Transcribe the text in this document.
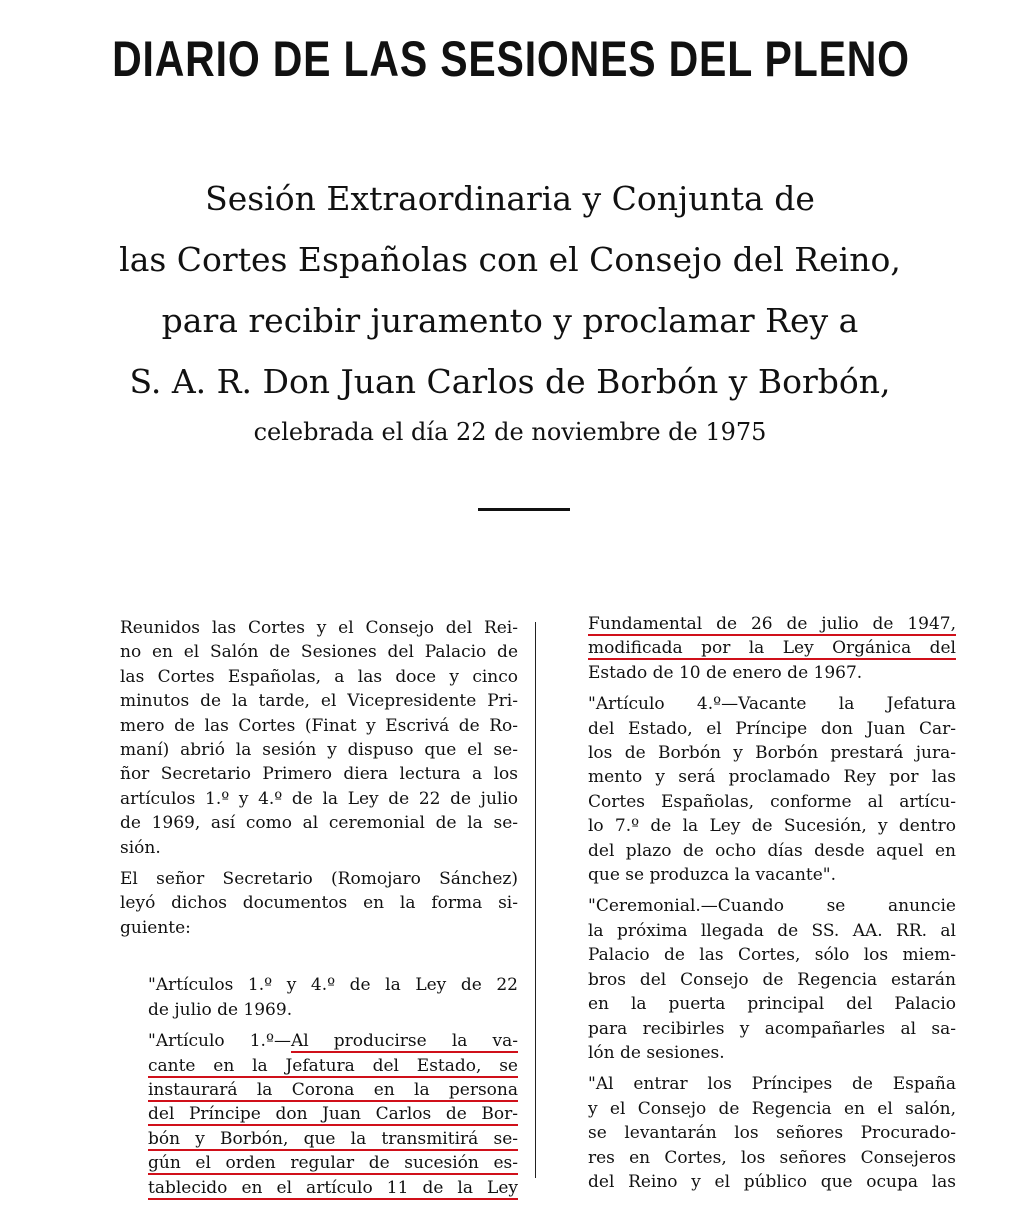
DIARIO DE LAS SESIONES DEL PLENO
Sesión Extraordinaria y Conjunta de
las Cortes Españolas con el Consejo del Reino,
para recibir juramento y proclamar Rey a
S. A. R. Don Juan Carlos de Borbón y Borbón,
celebrada el día 22 de noviembre de 1975

Reunidos las Cortes y el Consejo del Rei-
no en el Salón de Sesiones del Palacio de
las Cortes Españolas, a las doce y cinco
minutos de la tarde, el Vicepresidente Pri-
mero de las Cortes (Finat y Escrivá de Ro-
maní) abrió la sesión y dispuso que el se-
ñor Secretario Primero diera lectura a los
artículos 1.º y 4.º de la Ley de 22 de julio
de 1969, así como al ceremonial de la se-
sión.

El señor Secretario (Romojaro Sánchez)
leyó dichos documentos en la forma si-
guiente:

"Artículos 1.º y 4.º de la Ley de 22
de julio de 1969.

"Artículo 1.º—Al producirse la va-
cante en la Jefatura del Estado, se
instaurará la Corona en la persona
del Príncipe don Juan Carlos de Bor-
bón y Borbón, que la transmitirá se-
gún el orden regular de sucesión es-
tablecido en el artículo 11 de la Ley

Fundamental de 26 de julio de 1947,
modificada por la Ley Orgánica del
Estado de 10 de enero de 1967.

"Artículo 4.º—Vacante la Jefatura
del Estado, el Príncipe don Juan Car-
los de Borbón y Borbón prestará jura-
mento y será proclamado Rey por las
Cortes Españolas, conforme al artícu-
lo 7.º de la Ley de Sucesión, y dentro
del plazo de ocho días desde aquel en
que se produzca la vacante".

"Ceremonial.—Cuando se anuncie
la próxima llegada de SS. AA. RR. al
Palacio de las Cortes, sólo los miem-
bros del Consejo de Regencia estarán
en la puerta principal del Palacio
para recibirles y acompañarles al sa-
lón de sesiones.

"Al entrar los Príncipes de España
y el Consejo de Regencia en el salón,
se levantarán los señores Procurado-
res en Cortes, los señores Consejeros
del Reino y el público que ocupa las
